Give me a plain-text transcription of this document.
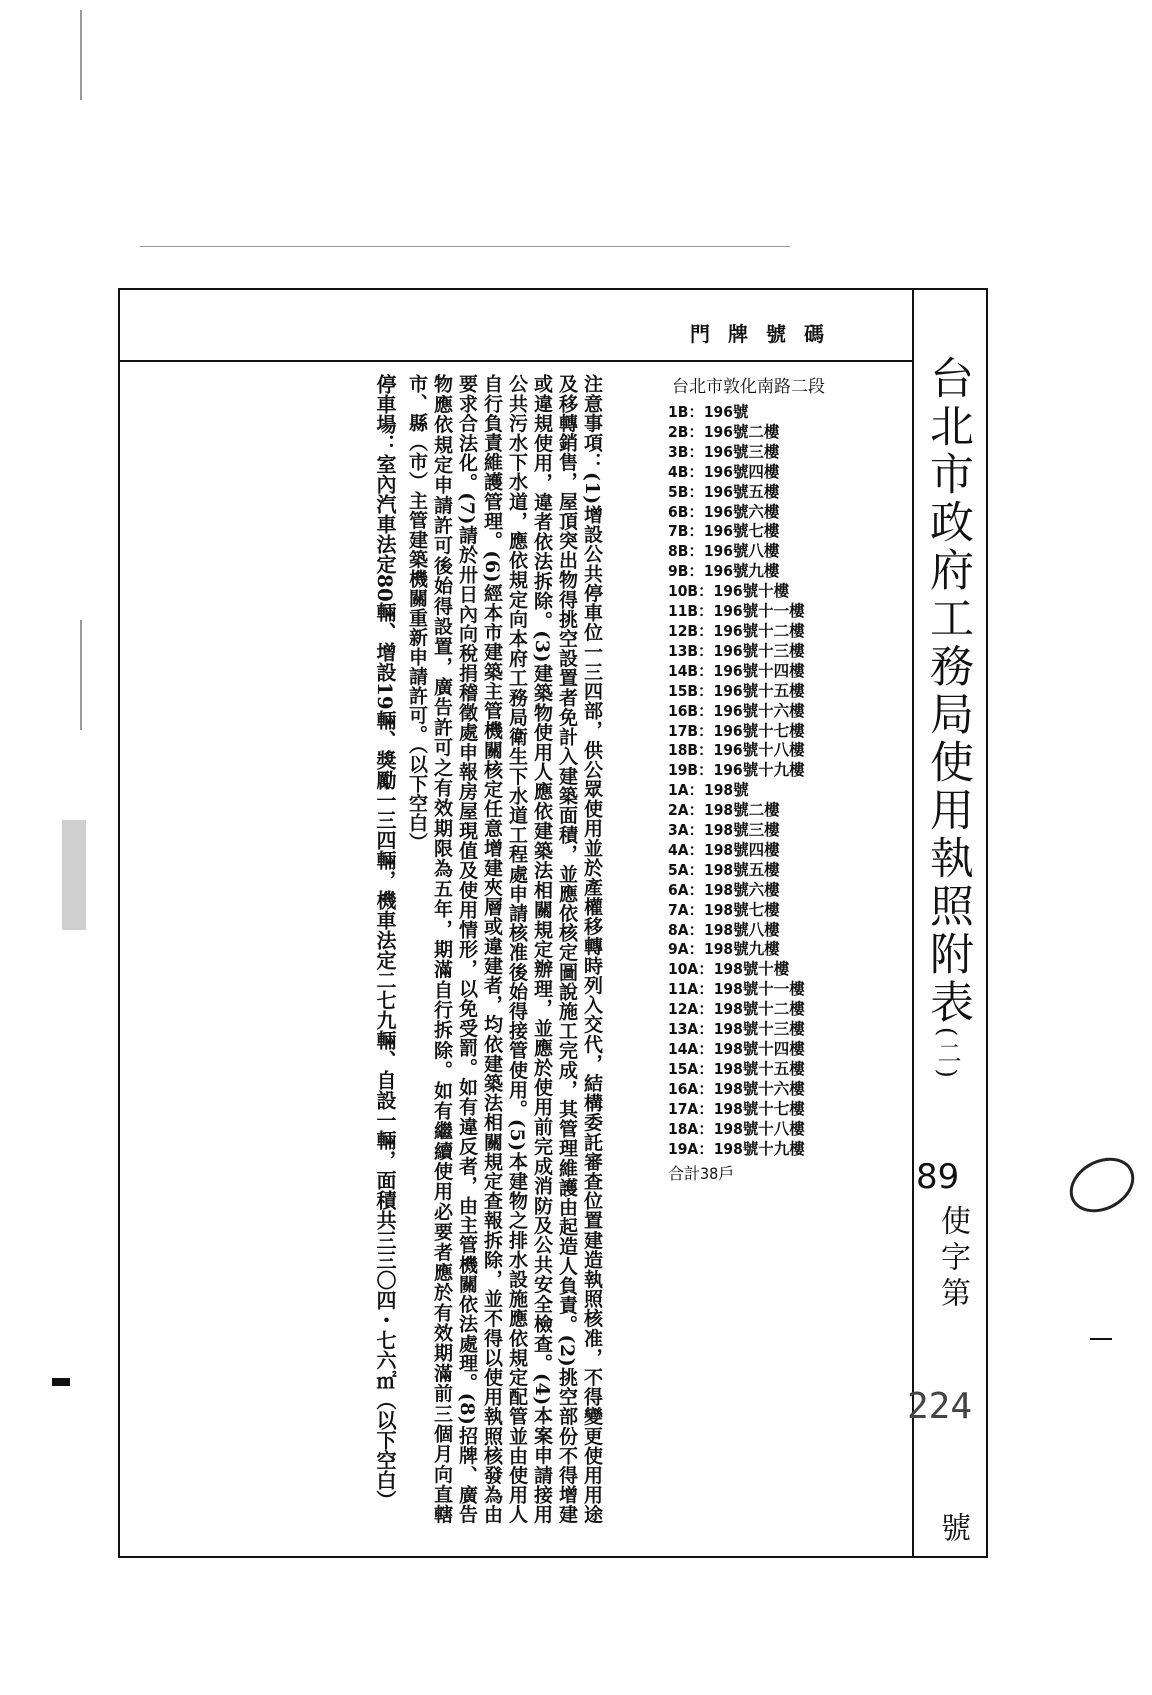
門牌號碼
台北市政府工務局使用執照附表(二)
89
使字第
224
號
台北市敦化南路二段
1B：196號
2B：196號二樓
3B：196號三樓
4B：196號四樓
5B：196號五樓
6B：196號六樓
7B：196號七樓
8B：196號八樓
9B：196號九樓
10B：196號十樓
11B：196號十一樓
12B：196號十二樓
13B：196號十三樓
14B：196號十四樓
15B：196號十五樓
16B：196號十六樓
17B：196號十七樓
18B：196號十八樓
19B：196號十九樓
1A：198號
2A：198號二樓
3A：198號三樓
4A：198號四樓
5A：198號五樓
6A：198號六樓
7A：198號七樓
8A：198號八樓
9A：198號九樓
10A：198號十樓
11A：198號十一樓
12A：198號十二樓
13A：198號十三樓
14A：198號十四樓
15A：198號十五樓
16A：198號十六樓
17A：198號十七樓
18A：198號十八樓
19A：198號十九樓
合計38戶
注意事項：(1)增設公共停車位一三四部，供公眾使用並於產權移轉時列入交代，結構委託審查位置建造執照核准，不得變更使用用途及移轉銷售，屋頂突出物得挑空設置者免計入建築面積，並應依核定圖說施工完成，其管理維護由起造人負責。(2)挑空部份不得增建或違規使用，違者依法拆除。(3)建築物使用人應依建築法相關規定辦理，並應於使用前完成消防及公共安全檢查。(4)本案申請接用公共污水下水道，應依規定向本府工務局衛生下水道工程處申請核准後始得接管使用。(5)本建物之排水設施應依規定配管並由使用人自行負責維護管理。(6)經本市建築主管機關核定任意增建夾層或違建者，均依建築法相關規定查報拆除，並不得以使用執照核發為由要求合法化。(7)請於卅日內向稅捐稽徵處申報房屋現值及使用情形，以免受罰。如有違反者，由主管機關依法處理。(8)招牌、廣告物應依規定申請許可後始得設置，廣告許可之有效期限為五年，期滿自行拆除。如有繼續使用必要者應於有效期滿前三個月向直轄市、縣（市）主管建築機關重新申請許可。（以下空白）
停車場：室內汽車法定80輛、增設19輛、獎勵一三四輛，機車法定二七九輛、自設一輛，面積共三三〇四・七六㎡（以下空白）
